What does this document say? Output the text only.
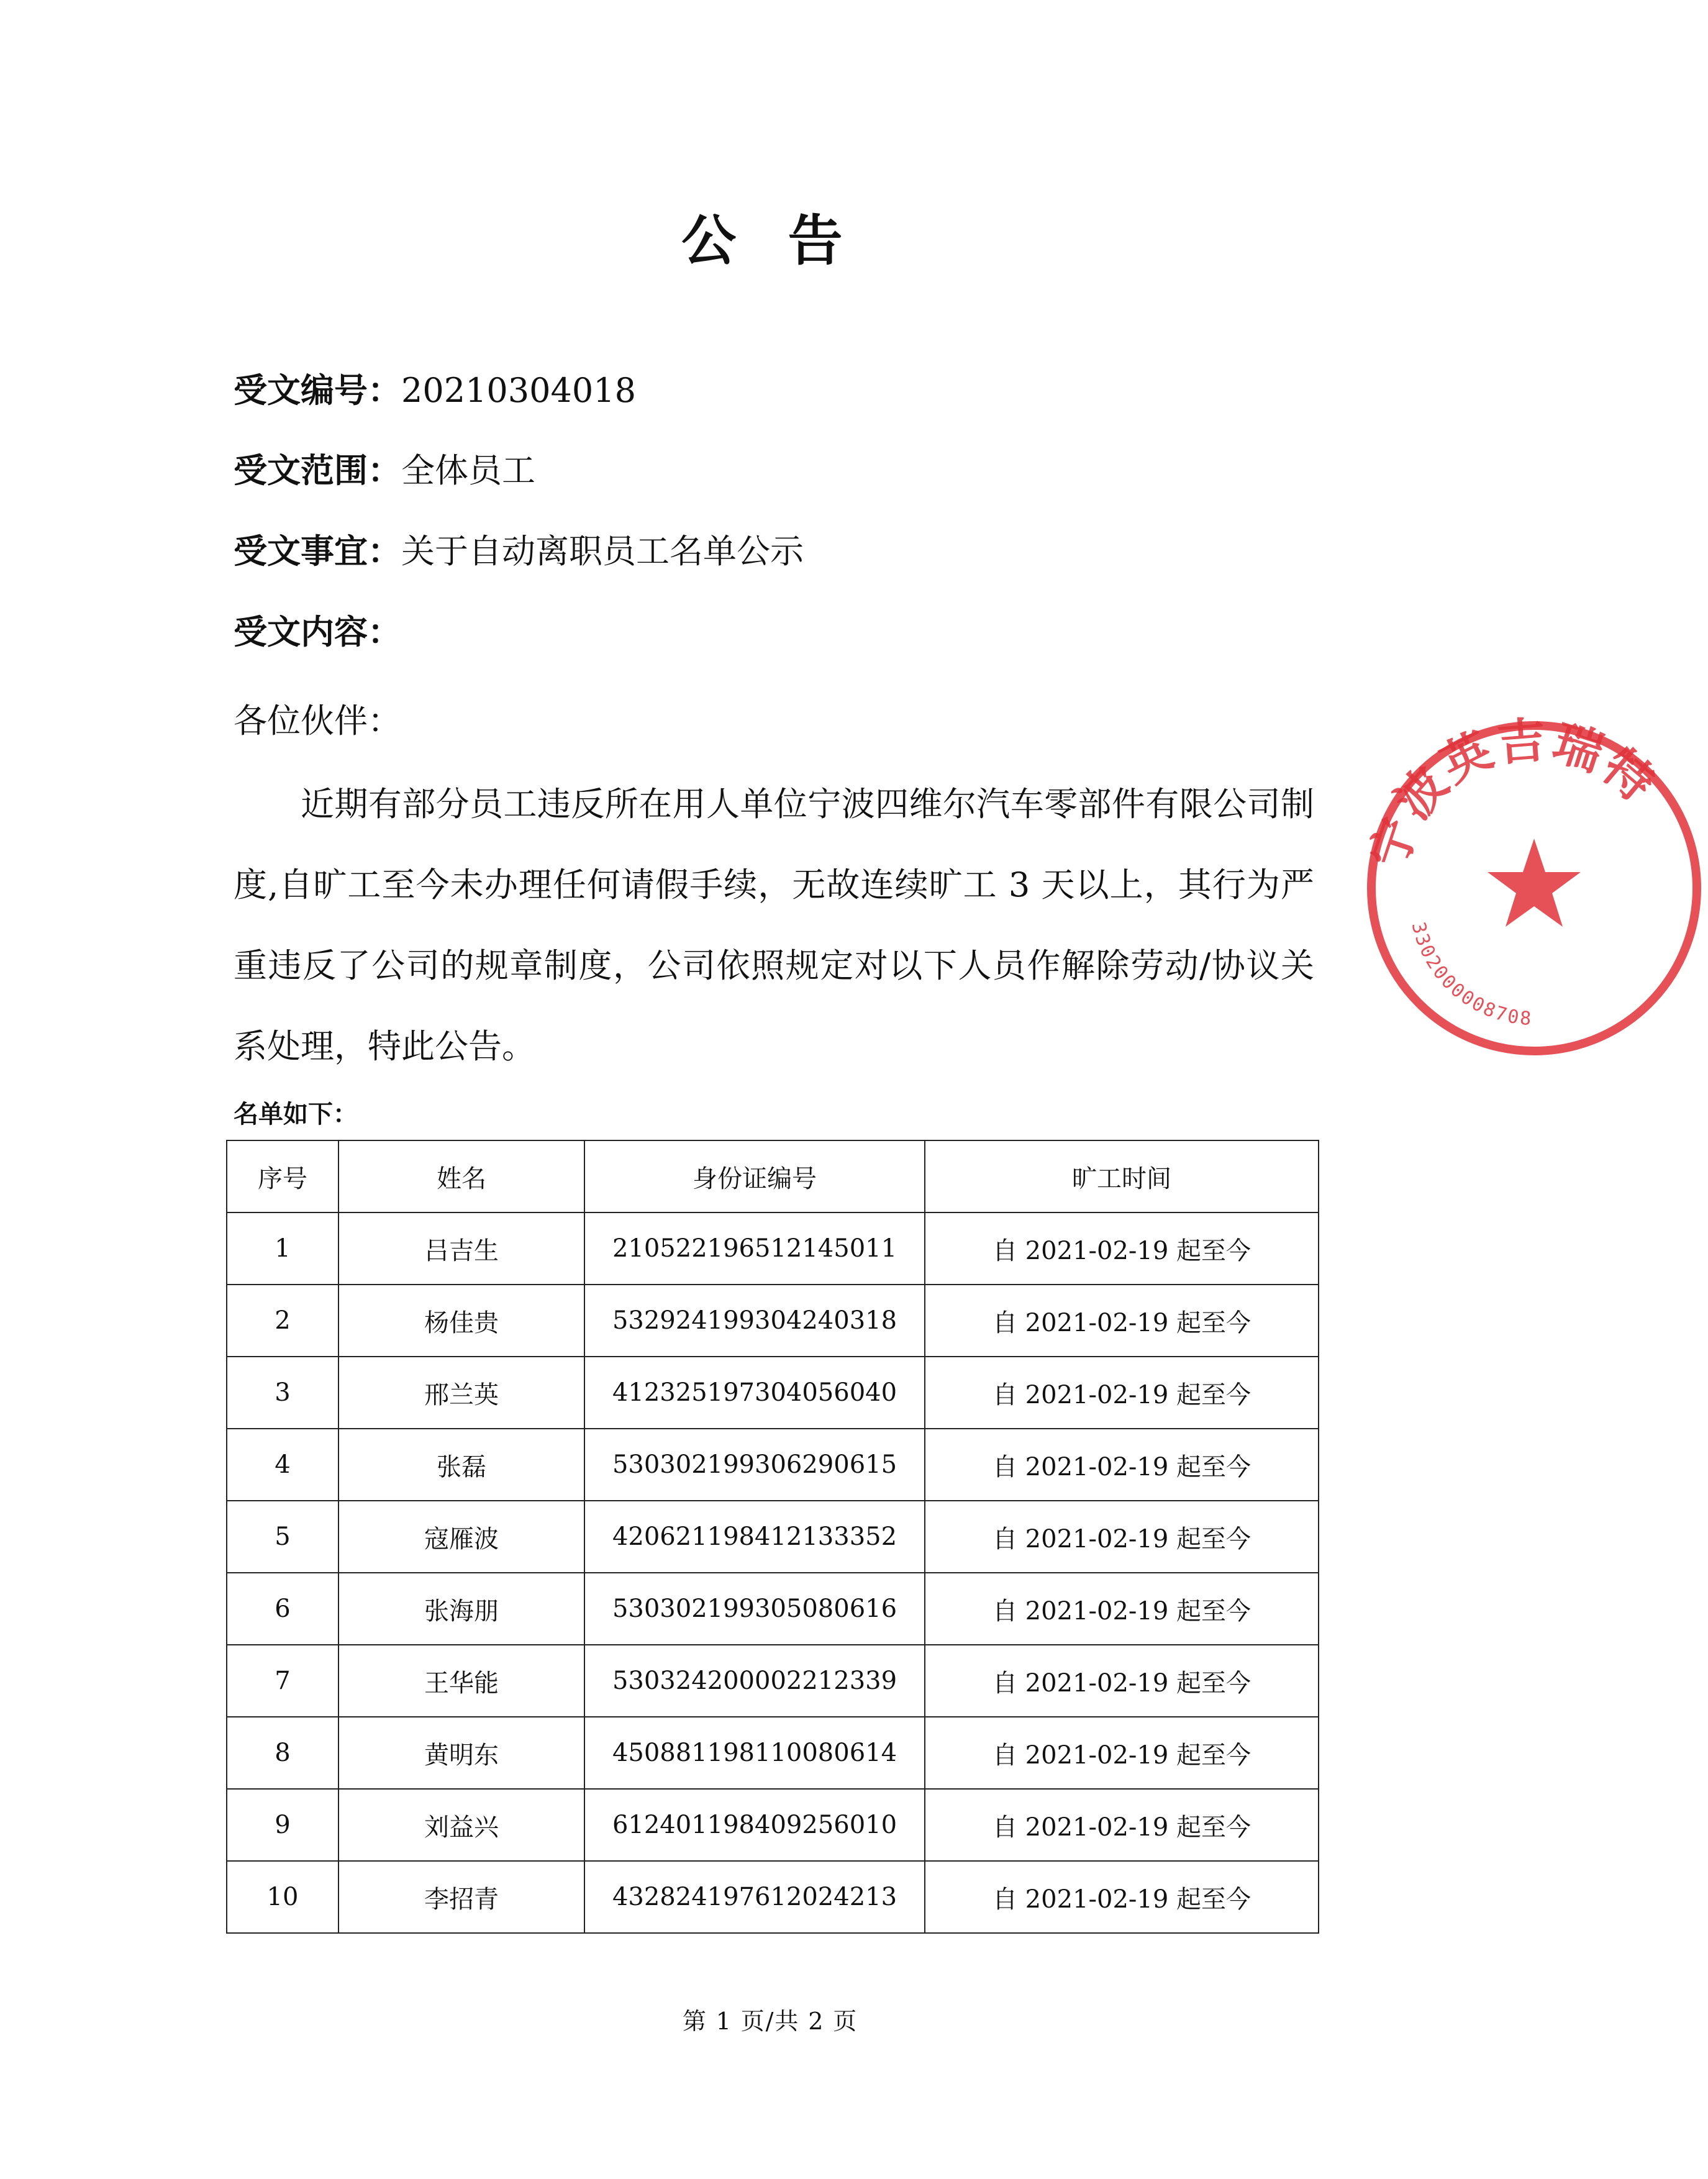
公 告
受文编号：20210304018
受文范围：全体员工
受文事宜：关于自动离职员工名单公示
受文内容：
各位伙伴：
近期有部分员工违反所在用人单位宁波四维尔汽车零部件有限公司制度,自旷工至今未办理任何请假手续，无故连续旷工 3 天以上，其行为严重违反了公司的规章制度，公司依照规定对以下人员作解除劳动/协议关系处理，特此公告。
名单如下：
序号	姓名	身份证编号	旷工时间
1	吕吉生	210522196512145011	自 2021-02-19 起至今
2	杨佳贵	532924199304240318	自 2021-02-19 起至今
3	邢兰英	412325197304056040	自 2021-02-19 起至今
4	张磊	530302199306290615	自 2021-02-19 起至今
5	寇雁波	420621198412133352	自 2021-02-19 起至今
6	张海朋	530302199305080616	自 2021-02-19 起至今
7	王华能	530324200002212339	自 2021-02-19 起至今
8	黄明东	450881198110080614	自 2021-02-19 起至今
9	刘益兴	612401198409256010	自 2021-02-19 起至今
10	李招青	432824197612024213	自 2021-02-19 起至今
第 1 页/共 2 页
宁波英吉瑞特
3302000008708
